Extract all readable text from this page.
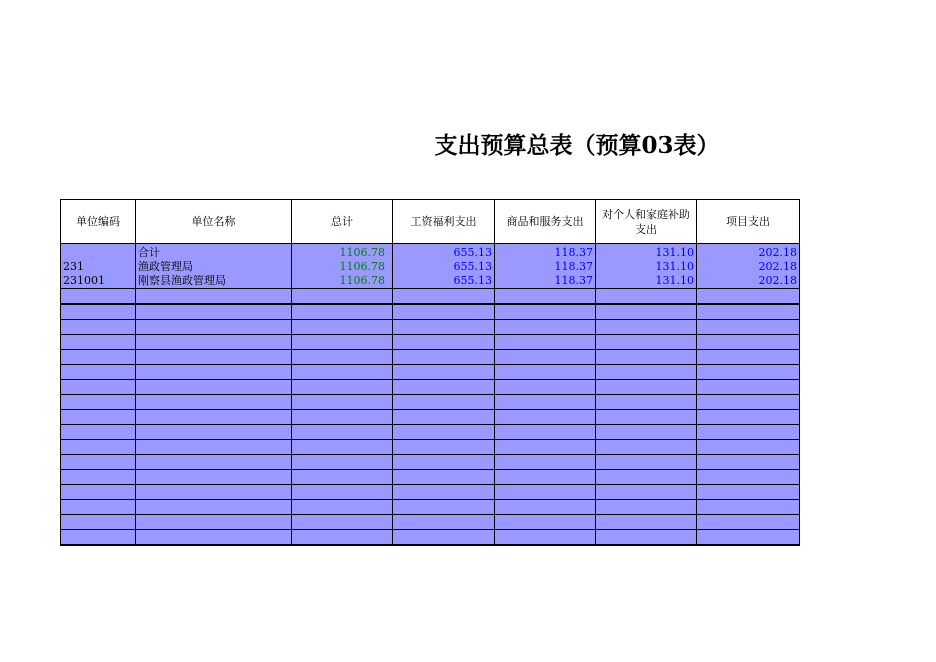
支出预算总表（预算03表）
单位编码	单位名称	总计	工资福利支出	商品和服务支出	对个人和家庭补助支出	项目支出
	合计	1106.78	655.13	118.37	131.10	202.18
231	渔政管理局	1106.78	655.13	118.37	131.10	202.18
231001	刚察县渔政管理局	1106.78	655.13	118.37	131.10	202.18
